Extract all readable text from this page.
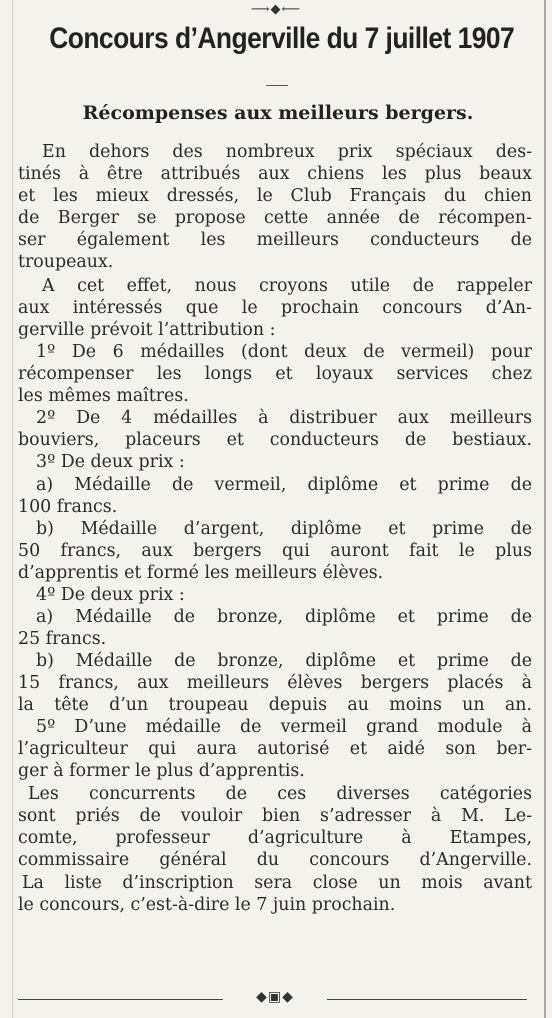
⟶◆⟵
Concours d’Angerville du 7 juillet 1907
Récompenses aux meilleurs bergers.
En dehors des nombreux prix spéciaux des-
tinés à être attribués aux chiens les plus beaux
et les mieux dressés, le Club Français du chien
de Berger se propose cette année de récompen-
ser également les meilleurs conducteurs de
troupeaux.
A cet effet, nous croyons utile de rappeler
aux intéressés que le prochain concours d’An-
gerville prévoit l’attribution :
1º De 6 médailles (dont deux de vermeil) pour
récompenser les longs et loyaux services chez
les mêmes maîtres.
2º De 4 médailles à distribuer aux meilleurs
bouviers, placeurs et conducteurs de bestiaux.
3º De deux prix :
a) Médaille de vermeil, diplôme et prime de
100 francs.
b) Médaille d’argent, diplôme et prime de
50 francs, aux bergers qui auront fait le plus
d’apprentis et formé les meilleurs élèves.
4º De deux prix :
a) Médaille de bronze, diplôme et prime de
25 francs.
b) Médaille de bronze, diplôme et prime de
15 francs, aux meilleurs élèves bergers placés à
la tête d’un troupeau depuis au moins un an.
5º D’une médaille de vermeil grand module à
l’agriculteur qui aura autorisé et aidé son ber-
ger à former le plus d’apprentis.
Les concurrents de ces diverses catégories
sont priés de vouloir bien s’adresser à M. Le-
comte, professeur d’agriculture à Etampes,
commissaire général du concours d’Angerville.
La liste d’inscription sera close un mois avant
le concours, c’est-à-dire le 7 juin prochain.
◆▣◆
